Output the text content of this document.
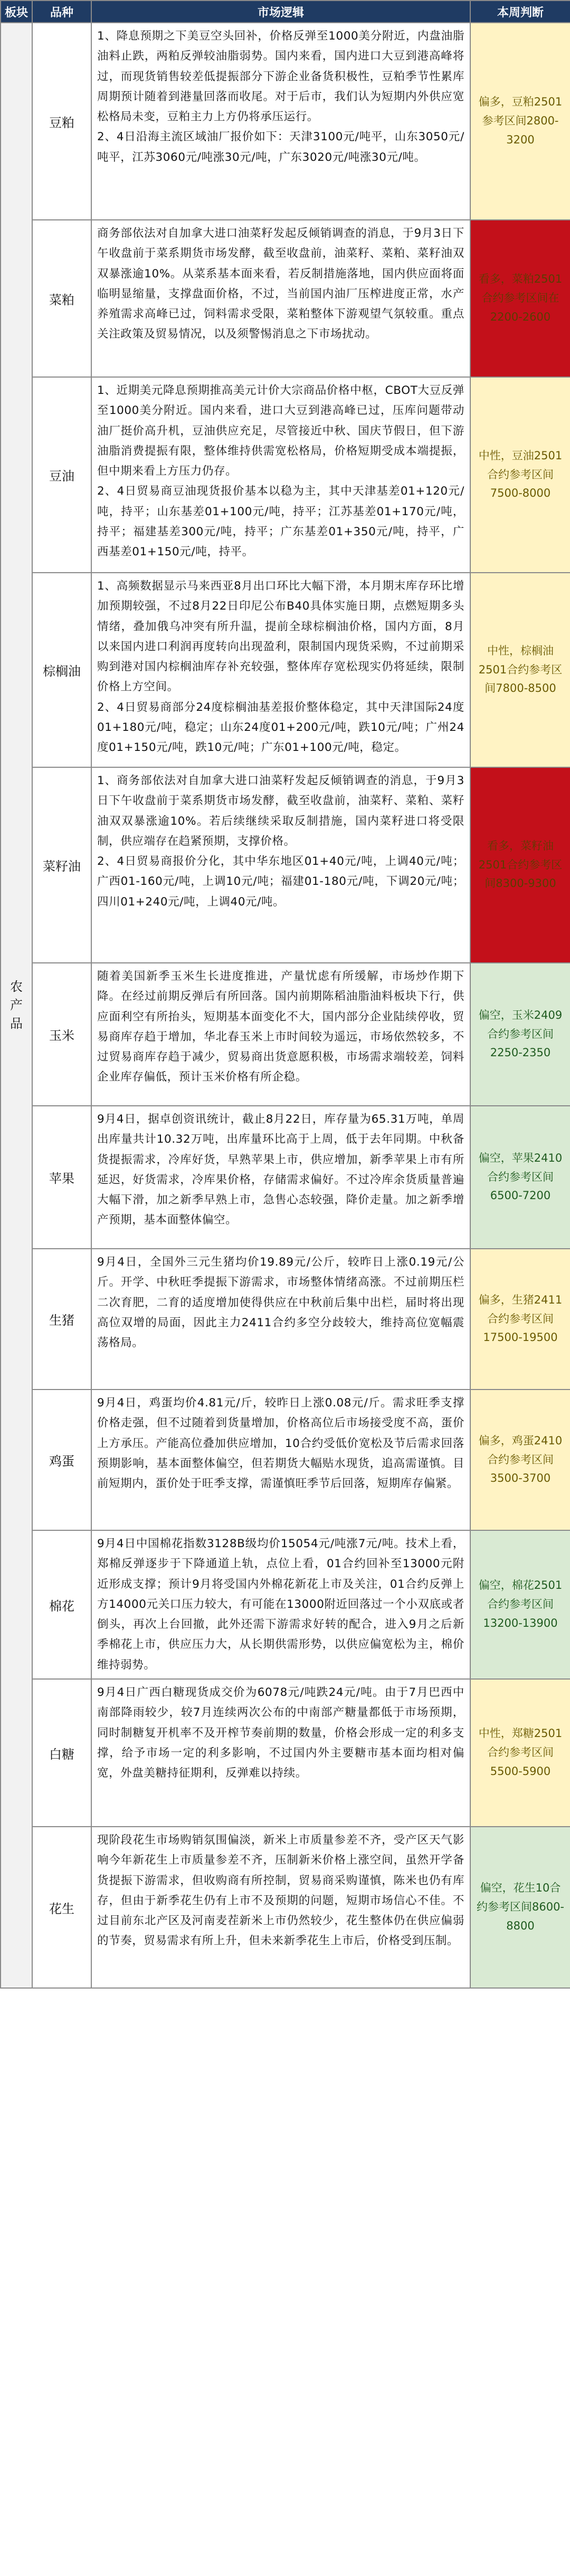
板块	品种	市场逻辑	本周判断
农产品	豆粕	1、降息预期之下美豆空头回补，价格反弹至1000美分附近，内盘油脂油料止跌，两粕反弹较油脂弱势。国内来看，国内进口大豆到港高峰将过，而现货销售较差低提振部分下游企业备货积极性，豆粕季节性累库周期预计随着到港量回落而收尾。对于后市，我们认为短期内外供应宽松格局未变，豆粕主力上方仍将承压运行。

2、4日沿海主流区域油厂报价如下：天津3100元/吨平，山东3050元/吨平，江苏3060元/吨涨30元/吨，广东3020元/吨涨30元/吨。	偏多，豆粕2501参考区间2800-3200
	菜粕	商务部依法对自加拿大进口油菜籽发起反倾销调查的消息，于9月3日下午收盘前于菜系期货市场发酵，截至收盘前，油菜籽、菜粕、菜籽油双双暴涨逾10%。从菜系基本面来看，若反制措施落地，国内供应面将面临明显缩量，支撑盘面价格，不过，当前国内油厂压榨进度正常，水产养殖需求高峰已过，饲料需求受限，菜粕整体下游观望气氛较重。重点关注政策及贸易情况，以及须警惕消息之下市场扰动。	看多，菜粕2501合约参考区间在2200-2600
	豆油	1、近期美元降息预期推高美元计价大宗商品价格中枢，CBOT大豆反弹至1000美分附近。国内来看，进口大豆到港高峰已过，压库问题带动油厂挺价高升机，豆油供应充足，尽管接近中秋、国庆节假日，但下游油脂消费提振有限，整体维持供需宽松格局，价格短期受成本端提振，但中期来看上方压力仍存。

2、4日贸易商豆油现货报价基本以稳为主，其中天津基差01+120元/吨，持平；山东基差01+100元/吨，持平；江苏基差01+170元/吨，持平；福建基差300元/吨，持平；广东基差01+350元/吨，持平，广西基差01+150元/吨，持平。	中性，豆油2501合约参考区间7500-8000
	棕榈油	1、高频数据显示马来西亚8月出口环比大幅下滑，本月期末库存环比增加预期较强，不过8月22日印尼公布B40具体实施日期，点燃短期多头情绪，叠加俄乌冲突有所升温，提前全球棕榈油价格，国内方面，8月以来国内进口利润再度转向出现盈利，限制国内现货采购，不过前期采购到港对国内棕榈油库存补充较强，整体库存宽松现实仍将延续，限制价格上方空间。

2、4日贸易商部分24度棕榈油基差报价整体稳定，其中天津国际24度01+180元/吨，稳定；山东24度01+200元/吨，跌10元/吨；广州24度01+150元/吨，跌10元/吨；广东01+100元/吨，稳定。	中性，棕榈油2501合约参考区间7800-8500
	菜籽油	1、商务部依法对自加拿大进口油菜籽发起反倾销调查的消息，于9月3日下午收盘前于菜系期货市场发酵，截至收盘前，油菜籽、菜粕、菜籽油双双暴涨逾10%。若后续继续采取反制措施，国内菜籽进口将受限制，供应端存在趋紧预期，支撑价格。

2、4日贸易商报价分化，其中华东地区01+40元/吨，上调40元/吨；广西01-160元/吨，上调10元/吨；福建01-180元/吨，下调20元/吨；四川01+240元/吨，上调40元/吨。	看多，菜籽油2501合约参考区间8300-9300
	玉米	随着美国新季玉米生长进度推进，产量忧虑有所缓解，市场炒作期下降。在经过前期反弹后有所回落。国内前期陈稻油脂油料板块下行，供应面利空有所抬头，短期基本面变化不大，国内部分企业陆续停收，贸易商库存趋于增加，华北春玉米上市时间较为遥远，市场依然较多，不过贸易商库存趋于减少，贸易商出货意愿积极，市场需求端较差，饲料企业库存偏低，预计玉米价格有所企稳。	偏空，玉米2409合约参考区间2250-2350
	苹果	9月4日，据卓创资讯统计，截止8月22日，库存量为65.31万吨，单周出库量共计10.32万吨，出库量环比高于上周，低于去年同期。中秋备货提振需求，冷库好货，早熟苹果上市，供应增加，新季苹果上市有所延迟，好货需求，冷库果价格，存储需求偏好。不过冷库余货质量普遍大幅下滑，加之新季早熟上市，急售心态较强，降价走量。加之新季增产预期，基本面整体偏空。	偏空，苹果2410合约参考区间6500-7200
	生猪	9月4日，全国外三元生猪均价19.89元/公斤，较昨日上涨0.19元/公斤。开学、中秋旺季提振下游需求，市场整体情绪高涨。不过前期压栏二次育肥，二育的适度增加使得供应在中秋前后集中出栏，届时将出现高位双增的局面，因此主力2411合约多空分歧较大，维持高位宽幅震荡格局。	偏多，生猪2411合约参考区间17500-19500
	鸡蛋	9月4日，鸡蛋均价4.81元/斤，较昨日上涨0.08元/斤。需求旺季支撑价格走强，但不过随着到货量增加，价格高位后市场接受度不高，蛋价上方承压。产能高位叠加供应增加，10合约受低价宽松及节后需求回落预期影响，基本面整体偏空，但若期货大幅贴水现货，追高需谨慎。目前短期内，蛋价处于旺季支撑，需谨慎旺季节后回落，短期库存偏紧。	偏多，鸡蛋2410合约参考区间3500-3700
	棉花	9月4日中国棉花指数3128B级均价15054元/吨涨7元/吨。技术上看，郑棉反弹逐步于下降通道上轨，点位上看，01合约回补至13000元附近形成支撑；预计9月将受国内外棉花新花上市及关注，01合约反弹上方14000元关口压力较大，有可能在13000附近回落过一个小双底或者倒头，再次上台回撤，此外还需下游需求好转的配合，进入9月之后新季棉花上市，供应压力大，从长期供需形势，以供应偏宽松为主，棉价维持弱势。	偏空，棉花2501合约参考区间13200-13900
	白糖	9月4日广西白糖现货成交价为6078元/吨跌24元/吨。由于7月巴西中南部降雨较少，较7月连续两次公布的中南部产糖量都低于市场预期，同时制糖复开机率不及开榨节奏前期的数量，价格会形成一定的利多支撑，给予市场一定的利多影响，不过国内外主要糖市基本面均相对偏宽，外盘美糖持征期利，反弹难以持续。	中性，郑糖2501合约参考区间5500-5900
	花生	现阶段花生市场购销氛围偏淡，新米上市质量参差不齐，受产区天气影响今年新花生上市质量参差不齐，压制新米价格上涨空间，虽然开学备货提振下游需求，但收购商有所控制，贸易商采购谨慎，陈米也仍有库存，但由于新季花生仍有上市不及预期的问题，短期市场信心不佳。不过目前东北产区及河南麦茬新米上市仍然较少，花生整体仍在供应偏弱的节奏，贸易需求有所上升，但未来新季花生上市后，价格受到压制。	偏空，花生10合约参考区间8600-8800
